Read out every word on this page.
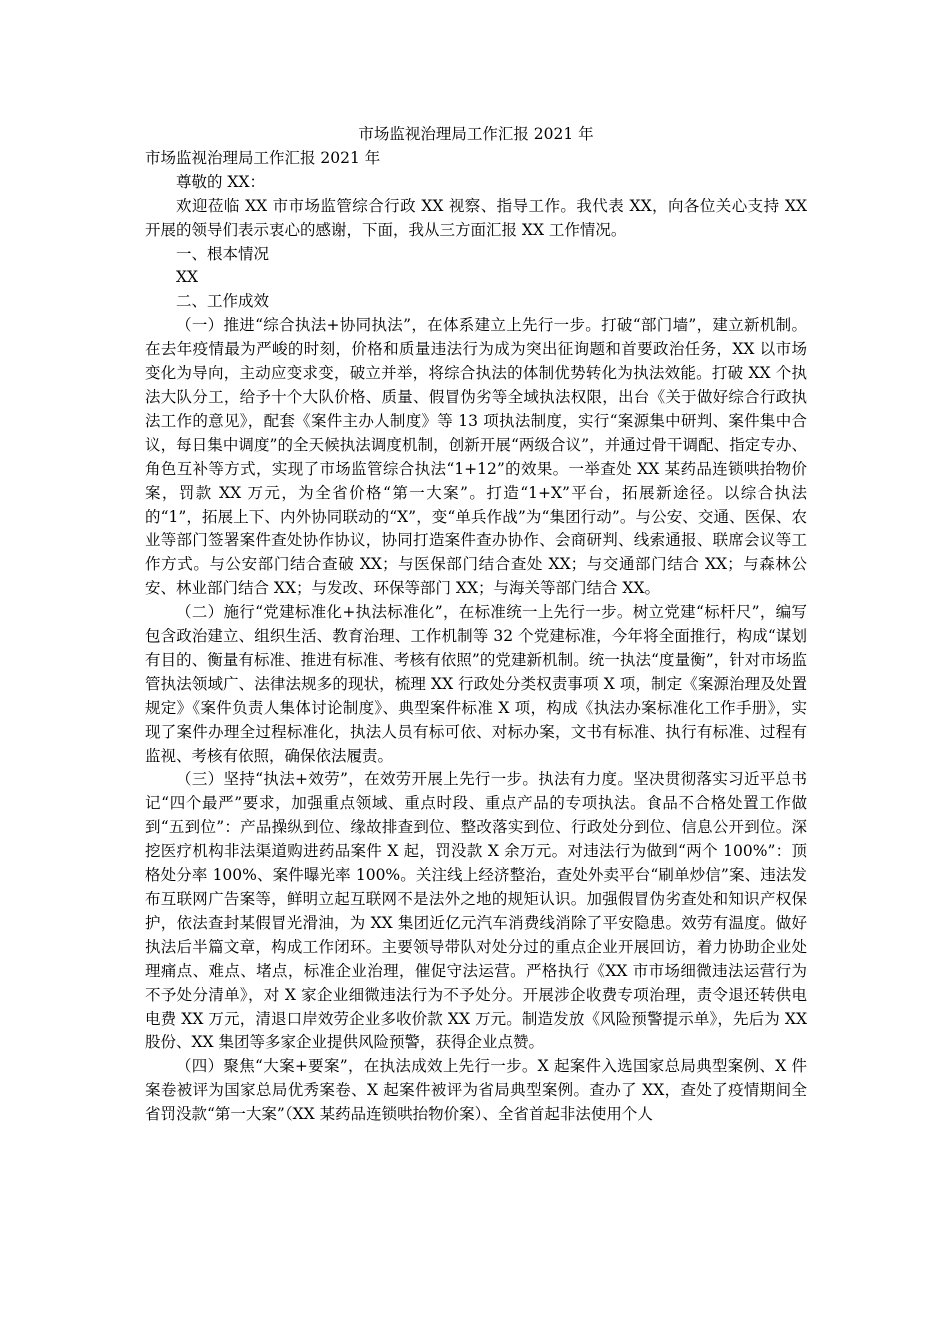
市场监视治理局工作汇报 2021 年

市场监视治理局工作汇报 2021 年

尊敬的 XX：

欢迎莅临 XX 市市场监管综合行政 XX 视察、指导工作。我代表 XX，向各位关心支持 XX 开展的领导们表示衷心的感谢，下面，我从三方面汇报 XX 工作情况。

一、根本情况

XX

二、工作成效

（一）推进“综合执法+协同执法”，在体系建立上先行一步。打破“部门墙”，建立新机制。在去年疫情最为严峻的时刻，价格和质量违法行为成为突出征询题和首要政治任务，XX 以市场变化为导向，主动应变求变，破立并举，将综合执法的体制优势转化为执法效能。打破 XX 个执法大队分工，给予十个大队价格、质量、假冒伪劣等全域执法权限，出台《关于做好综合行政执法工作的意见》，配套《案件主办人制度》等 13 项执法制度，实行“案源集中研判、案件集中合议，每日集中调度”的全天候执法调度机制，创新开展“两级合议”，并通过骨干调配、指定专办、角色互补等方式，实现了市场监管综合执法“1+12”的效果。一举查处 XX 某药品连锁哄抬物价案，罚款 XX 万元，为全省价格“第一大案”。打造“1+X”平台，拓展新途径。以综合执法的“1”，拓展上下、内外协同联动的“X”，变“单兵作战”为“集团行动”。与公安、交通、医保、农业等部门签署案件查处协作协议，协同打造案件查办协作、会商研判、线索通报、联席会议等工作方式。与公安部门结合查破 XX；与医保部门结合查处 XX；与交通部门结合 XX；与森林公安、林业部门结合 XX；与发改、环保等部门 XX；与海关等部门结合 XX。

（二）施行“党建标准化+执法标准化”，在标准统一上先行一步。树立党建“标杆尺”，编写包含政治建立、组织生活、教育治理、工作机制等 32 个党建标准，今年将全面推行，构成“谋划有目的、衡量有标准、推进有标准、考核有依照”的党建新机制。统一执法“度量衡”，针对市场监管执法领域广、法律法规多的现状，梳理 XX 行政处分类权责事项 X 项，制定《案源治理及处置规定》《案件负责人集体讨论制度》、典型案件标准 X 项，构成《执法办案标准化工作手册》，实现了案件办理全过程标准化，执法人员有标可依、对标办案，文书有标准、执行有标准、过程有监视、考核有依照，确保依法履责。

（三）坚持“执法+效劳”，在效劳开展上先行一步。执法有力度。坚决贯彻落实习近平总书记“四个最严”要求，加强重点领域、重点时段、重点产品的专项执法。食品不合格处置工作做到“五到位”：产品操纵到位、缘故排查到位、整改落实到位、行政处分到位、信息公开到位。深挖医疗机构非法渠道购进药品案件 X 起，罚没款 X 余万元。对违法行为做到“两个 100%”：顶格处分率 100%、案件曝光率 100%。关注线上经济整治，查处外卖平台“刷单炒信”案、违法发布互联网广告案等，鲜明立起互联网不是法外之地的规矩认识。加强假冒伪劣查处和知识产权保护，依法查封某假冒光滑油，为 XX 集团近亿元汽车消费线消除了平安隐患。效劳有温度。做好执法后半篇文章，构成工作闭环。主要领导带队对处分过的重点企业开展回访，着力协助企业处理痛点、难点、堵点，标准企业治理，催促守法运营。严格执行《XX 市市场细微违法运营行为不予处分清单》，对 X 家企业细微违法行为不予处分。开展涉企收费专项治理，责令退还转供电电费 XX 万元，清退口岸效劳企业多收价款 XX 万元。制造发放《风险预警提示单》，先后为 XX 股份、XX 集团等多家企业提供风险预警，获得企业点赞。

（四）聚焦“大案+要案”，在执法成效上先行一步。X 起案件入选国家总局典型案例、X 件案卷被评为国家总局优秀案卷、X 起案件被评为省局典型案例。查办了 XX，查处了疫情期间全省罚没款“第一大案”（XX 某药品连锁哄抬物价案）、全省首起非法使用个人
